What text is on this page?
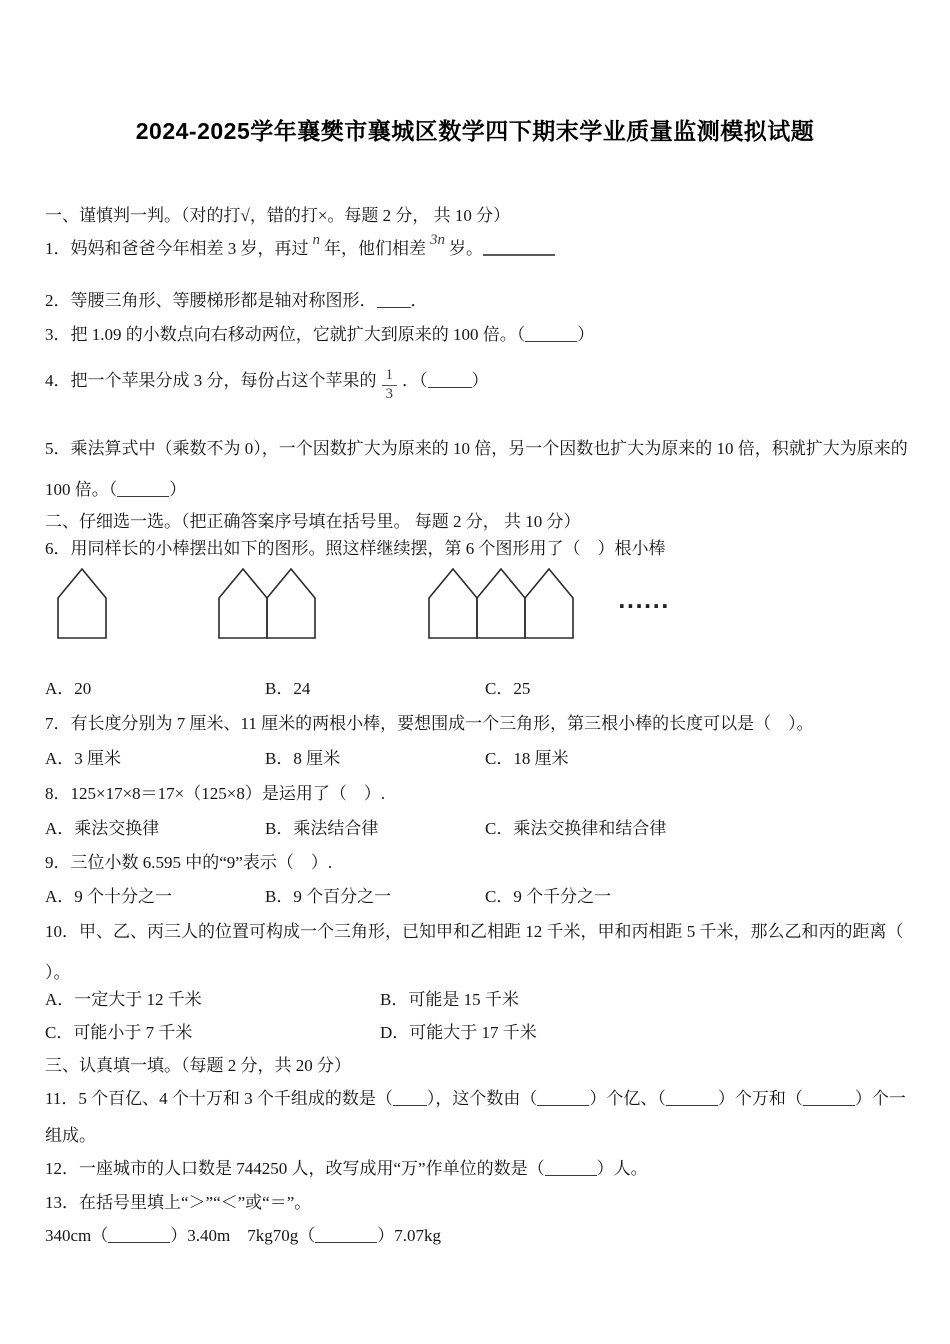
2024-2025学年襄樊市襄城区数学四下期末学业质量监测模拟试题
一、谨慎判一判。（对的打√，错的打×。每题 2 分， 共 10 分）
1．妈妈和爸爸今年相差 3 岁，再过 n 年，他们相差 3n 岁。
2．等腰三角形、等腰梯形都是轴对称图形． ．
3．把 1.09 的小数点向右移动两位，它就扩大到原来的 100 倍。（	）
4．把一个苹果分成 3 分，每份占这个苹果的 $\frac{1}{3}$ ．（	）
5．乘法算式中（乘数不为 0），一个因数扩大为原来的 10 倍，另一个因数也扩大为原来的 10 倍，积就扩大为原来的
100 倍。（	）
二、仔细选一选。（把正确答案序号填在括号里。 每题 2 分， 共 10 分）
6．用同样长的小棒摆出如下的图形。照这样继续摆，第 6 个图形用了（　）根小棒
······
A．20	B．24	C．25
7．有长度分别为 7 厘米、11 厘米的两根小棒，要想围成一个三角形，第三根小棒的长度可以是（　）。
A．3 厘米	B．8 厘米	C．18 厘米
8．125×17×8＝17×（125×8）是运用了（　）.
A．乘法交换律	B．乘法结合律	C．乘法交换律和结合律
9．三位小数 6.595 中的“9”表示（　）.
A．9 个十分之一	B．9 个百分之一	C．9 个千分之一
10．甲、乙、丙三人的位置可构成一个三角形，已知甲和乙相距 12 千米，甲和丙相距 5 千米，那么乙和丙的距离（
）。
A．一定大于 12 千米	B．可能是 15 千米
C．可能小于 7 千米	D．可能大于 17 千米
三、认真填一填。（每题 2 分，共 20 分）
11．5 个百亿、4 个十万和 3 个千组成的数是（ ），这个数由（	）个亿、（	）个万和（	）个一
组成。
12．一座城市的人口数是 744250 人，改写成用“万”作单位的数是（	）人。
13．在括号里填上“＞”“＜”或“＝”。
340cm（	）3.40m　7kg70g（	）7.07kg
